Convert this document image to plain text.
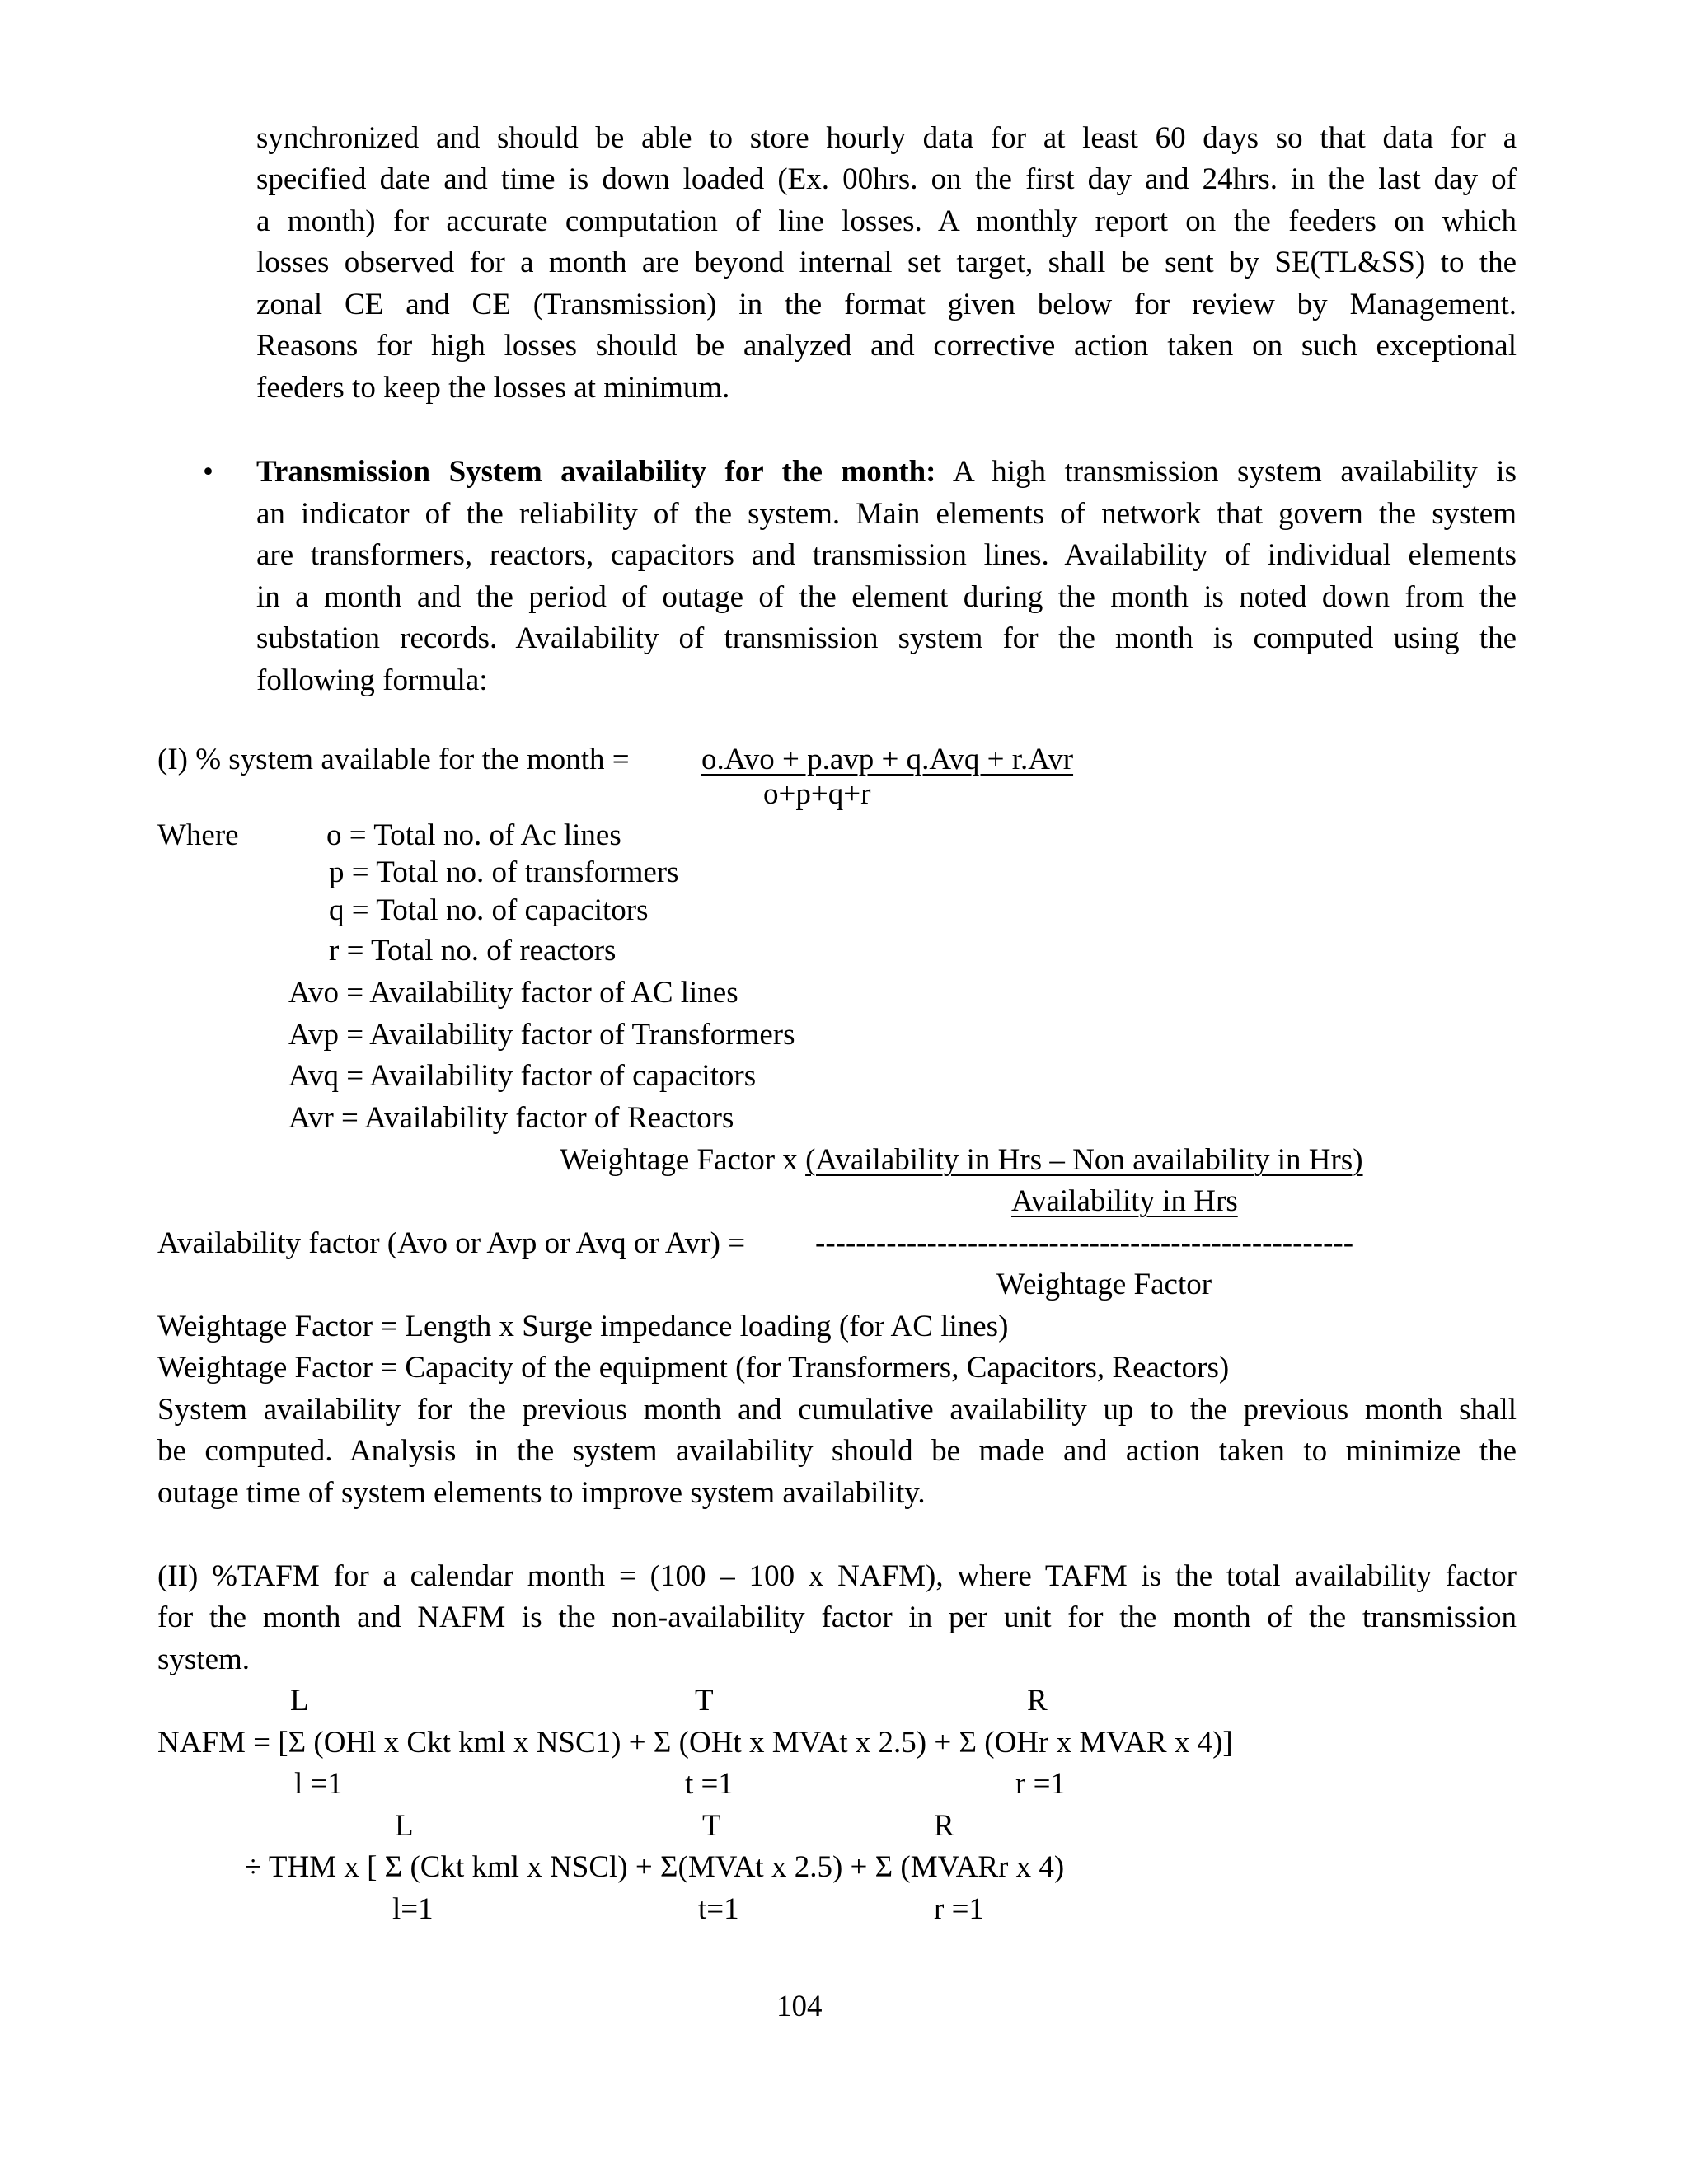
synchronized and should be able to store hourly data for at least 60 days so that data for a
specified date and time is down loaded (Ex. 00hrs. on the first day and 24hrs. in the last day of
a month) for accurate computation of line losses. A monthly report on the feeders on which
losses observed for a month are beyond internal set target, shall be sent by SE(TL&SS) to the
zonal CE and CE (Transmission) in the format given below for review by Management.
Reasons for high losses should be analyzed and corrective action taken on such exceptional
feeders to keep the losses at minimum.
• Transmission System availability for the month: A high transmission system availability is
an indicator of the reliability of the system. Main elements of network that govern the system
are transformers, reactors, capacitors and transmission lines. Availability of individual elements
in a month and the period of outage of the element during the month is noted down from the
substation records. Availability of transmission system for the month is computed using the
following formula:
(I) % system available for the month = o.Avo + p.avp + q.Avq + r.Avr
o+p+q+r
Where	o = Total no. of Ac lines
p = Total no. of transformers
q = Total no. of capacitors
r = Total no. of reactors
Avo = Availability factor of AC lines
Avp = Availability factor of Transformers
Avq = Availability factor of capacitors
Avr = Availability factor of Reactors
Weightage Factor x (Availability in Hrs – Non availability in Hrs)
Availability in Hrs
Availability factor (Avo or Avp or Avq or Avr) = -----------------------------------------------------
Weightage Factor
Weightage Factor = Length x Surge impedance loading (for AC lines)
Weightage Factor = Capacity of the equipment (for Transformers, Capacitors, Reactors)
System availability for the previous month and cumulative availability up to the previous month shall
be computed. Analysis in the system availability should be made and action taken to minimize the
outage time of system elements to improve system availability.
(II) %TAFM for a calendar month = (100 – 100 x NAFM), where TAFM is the total availability factor
for the month and NAFM is the non-availability factor in per unit for the month of the transmission
system.
L	T	R
NAFM = [Σ (OHl x Ckt kml x NSC1) + Σ (OHt x MVAt x 2.5) + Σ (OHr x MVAR x 4)]
l =1	t =1	r =1
L	T	R
÷ THM x [ Σ (Ckt kml x NSCl) + Σ(MVAt x 2.5) + Σ (MVARr x 4)
l=1	t=1	r =1
104
